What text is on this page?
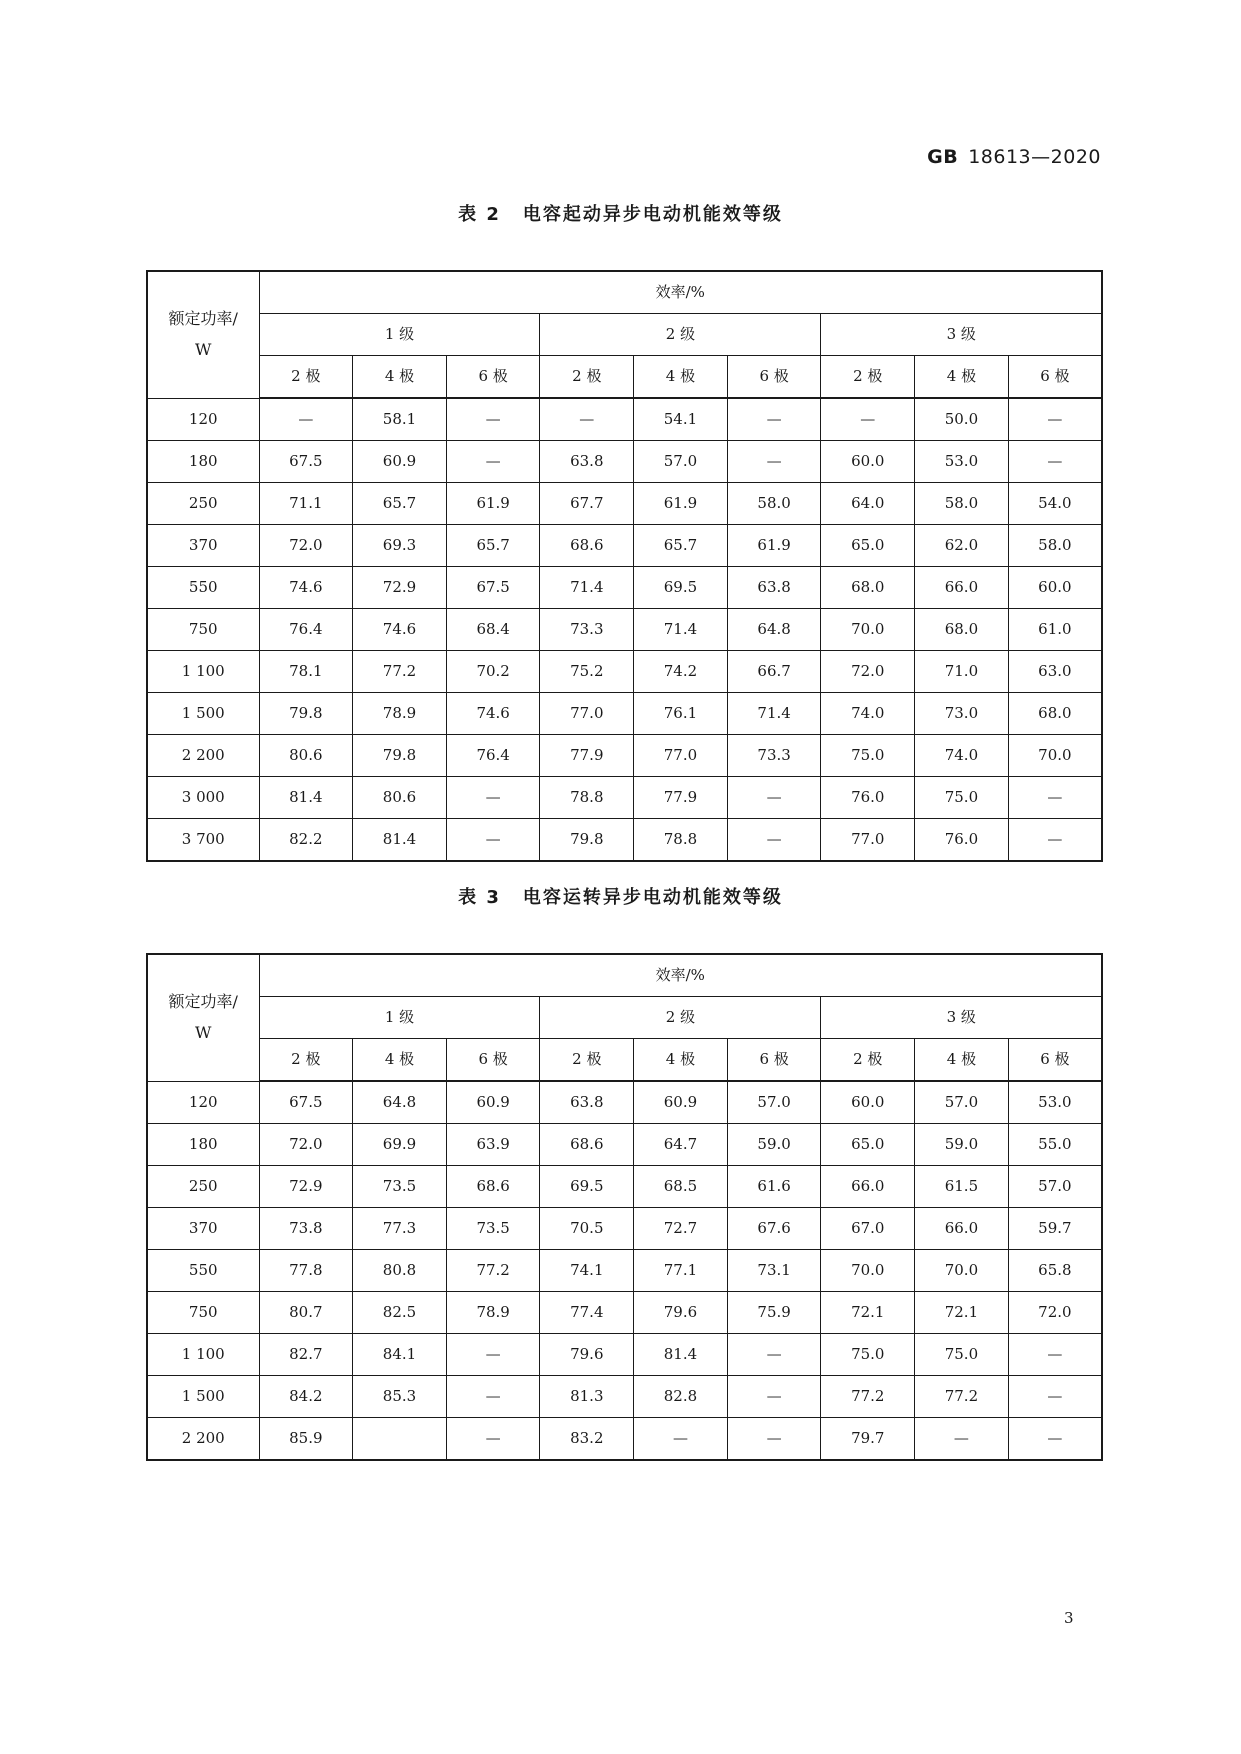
GB 18613—2020
表 2 电容起动异步电动机能效等级
额定功率/
W	效率/%								
	1 级			2 级			3 级		
	2 极	4 极	6 极	2 极	4 极	6 极	2 极	4 极	6 极
120	—	58.1	—	—	54.1	—	—	50.0	—
180	67.5	60.9	—	63.8	57.0	—	60.0	53.0	—
250	71.1	65.7	61.9	67.7	61.9	58.0	64.0	58.0	54.0
370	72.0	69.3	65.7	68.6	65.7	61.9	65.0	62.0	58.0
550	74.6	72.9	67.5	71.4	69.5	63.8	68.0	66.0	60.0
750	76.4	74.6	68.4	73.3	71.4	64.8	70.0	68.0	61.0
1 100	78.1	77.2	70.2	75.2	74.2	66.7	72.0	71.0	63.0
1 500	79.8	78.9	74.6	77.0	76.1	71.4	74.0	73.0	68.0
2 200	80.6	79.8	76.4	77.9	77.0	73.3	75.0	74.0	70.0
3 000	81.4	80.6	—	78.8	77.9	—	76.0	75.0	—
3 700	82.2	81.4	—	79.8	78.8	—	77.0	76.0	—
表 3 电容运转异步电动机能效等级
额定功率/
W	效率/%								
	1 级			2 级			3 级		
	2 极	4 极	6 极	2 极	4 极	6 极	2 极	4 极	6 极
120	67.5	64.8	60.9	63.8	60.9	57.0	60.0	57.0	53.0
180	72.0	69.9	63.9	68.6	64.7	59.0	65.0	59.0	55.0
250	72.9	73.5	68.6	69.5	68.5	61.6	66.0	61.5	57.0
370	73.8	77.3	73.5	70.5	72.7	67.6	67.0	66.0	59.7
550	77.8	80.8	77.2	74.1	77.1	73.1	70.0	70.0	65.8
750	80.7	82.5	78.9	77.4	79.6	75.9	72.1	72.1	72.0
1 100	82.7	84.1	—	79.6	81.4	—	75.0	75.0	—
1 500	84.2	85.3	—	81.3	82.8	—	77.2	77.2	—
2 200	85.9		—	83.2	—	—	79.7	—	—
3
